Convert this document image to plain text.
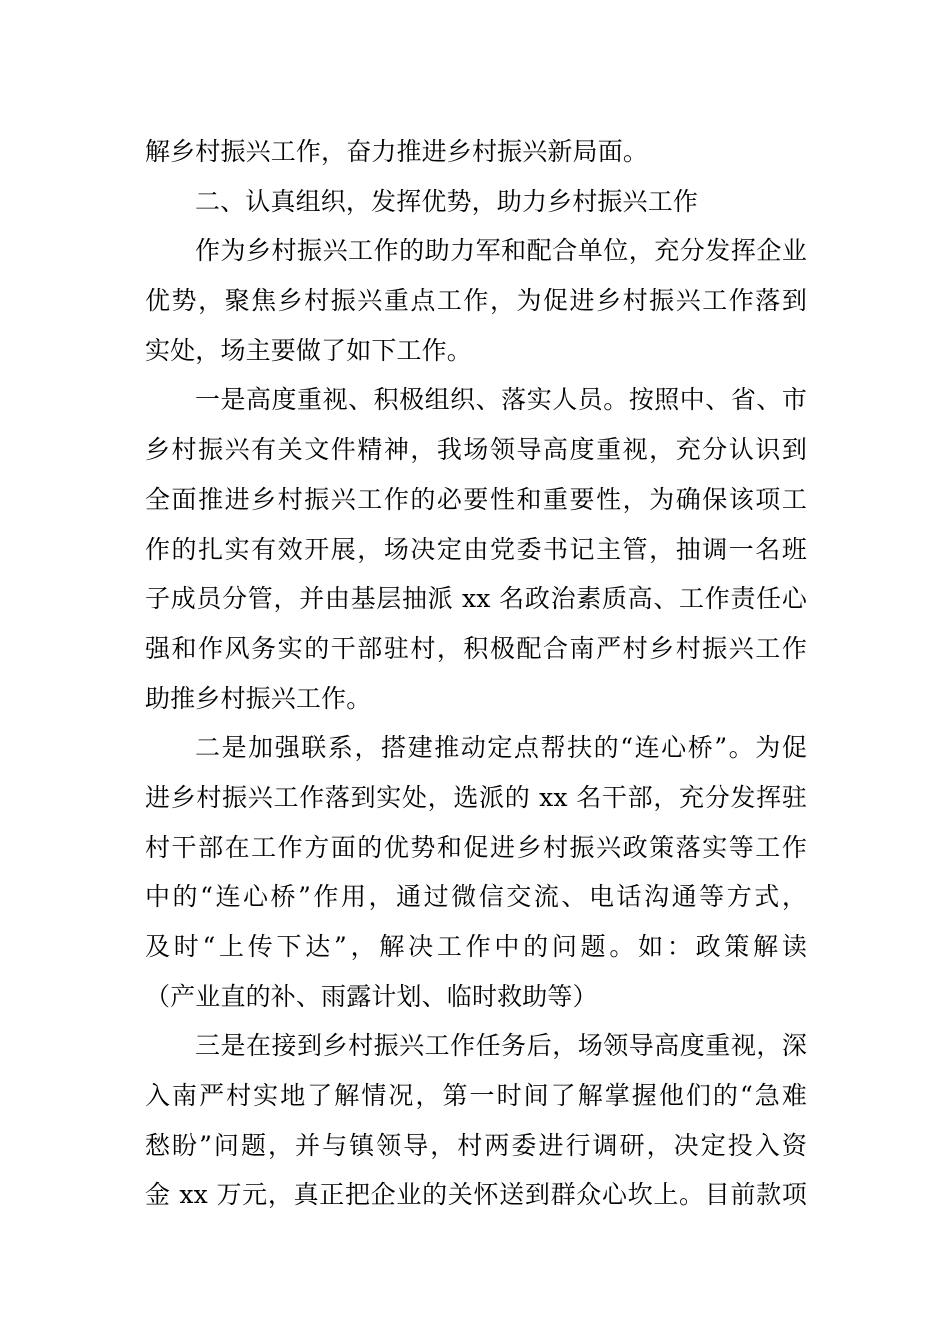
解乡村振兴工作，奋力推进乡村振兴新局面。
二、认真组织，发挥优势，助力乡村振兴工作
作为乡村振兴工作的助力军和配合单位，充分发挥企业
优势，聚焦乡村振兴重点工作，为促进乡村振兴工作落到
实处，场主要做了如下工作。
一是高度重视、积极组织、落实人员。按照中、省、市
乡村振兴有关文件精神，我场领导高度重视，充分认识到
全面推进乡村振兴工作的必要性和重要性，为确保该项工
作的扎实有效开展，场决定由党委书记主管，抽调一名班
子成员分管，并由基层抽派 xx 名政治素质高、工作责任心
强和作风务实的干部驻村，积极配合南严村乡村振兴工作
助推乡村振兴工作。
二是加强联系，搭建推动定点帮扶的“连心桥”。为促
进乡村振兴工作落到实处，选派的 xx 名干部，充分发挥驻
村干部在工作方面的优势和促进乡村振兴政策落实等工作
中的“连心桥”作用，通过微信交流、电话沟通等方式，
及时“上传下达”，解决工作中的问题。如：政策解读
（产业直的补、雨露计划、临时救助等）
三是在接到乡村振兴工作任务后，场领导高度重视，深
入南严村实地了解情况，第一时间了解掌握他们的“急难
愁盼”问题，并与镇领导，村两委进行调研，决定投入资
金 xx 万元，真正把企业的关怀送到群众心坎上。目前款项
